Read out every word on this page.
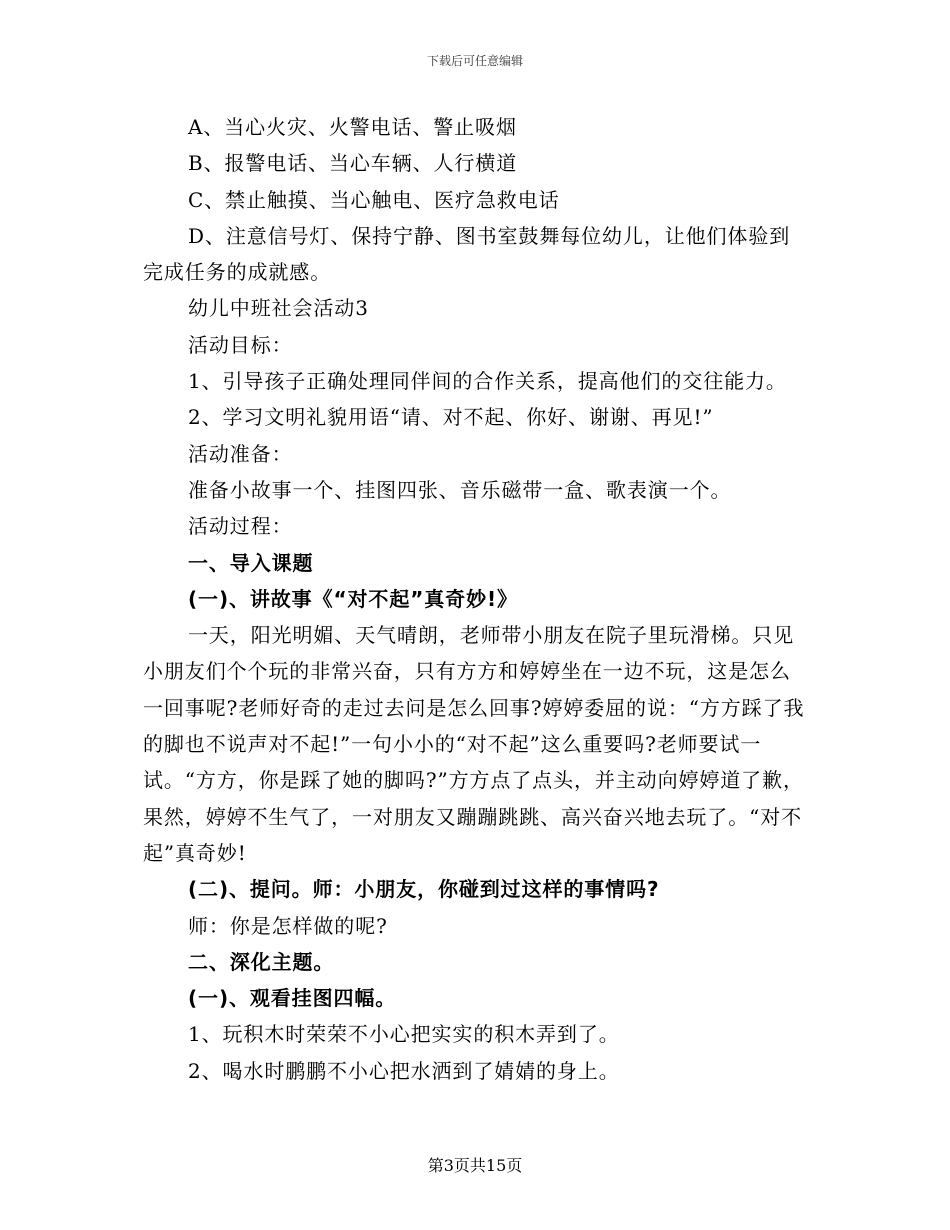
下载后可任意编辑

A、当心火灾、火警电话、警止吸烟

B、报警电话、当心车辆、人行横道

C、禁止触摸、当心触电、医疗急救电话

D、注意信号灯、保持宁静、图书室鼓舞每位幼儿，让他们体验到完成任务的成就感。

幼儿中班社会活动3

活动目标：

1、引导孩子正确处理同伴间的合作关系，提高他们的交往能力。

2、学习文明礼貌用语“请、对不起、你好、谢谢、再见!”

活动准备：

准备小故事一个、挂图四张、音乐磁带一盒、歌表演一个。

活动过程：

一、导入课题

(一)、讲故事《“对不起”真奇妙!》

一天，阳光明媚、天气晴朗，老师带小朋友在院子里玩滑梯。只见小朋友们个个玩的非常兴奋，只有方方和婷婷坐在一边不玩，这是怎么一回事呢?老师好奇的走过去问是怎么回事?婷婷委屈的说：“方方踩了我的脚也不说声对不起!”一句小小的“对不起”这么重要吗?老师要试一试。“方方，你是踩了她的脚吗?”方方点了点头，并主动向婷婷道了歉，果然，婷婷不生气了，一对朋友又蹦蹦跳跳、高兴奋兴地去玩了。“对不起”真奇妙!

(二)、提问。师：小朋友，你碰到过这样的事情吗?

师：你是怎样做的呢?

二、深化主题。

(一)、观看挂图四幅。

1、玩积木时荣荣不小心把实实的积木弄到了。

2、喝水时鹏鹏不小心把水洒到了婧婧的身上。

第3页共15页
